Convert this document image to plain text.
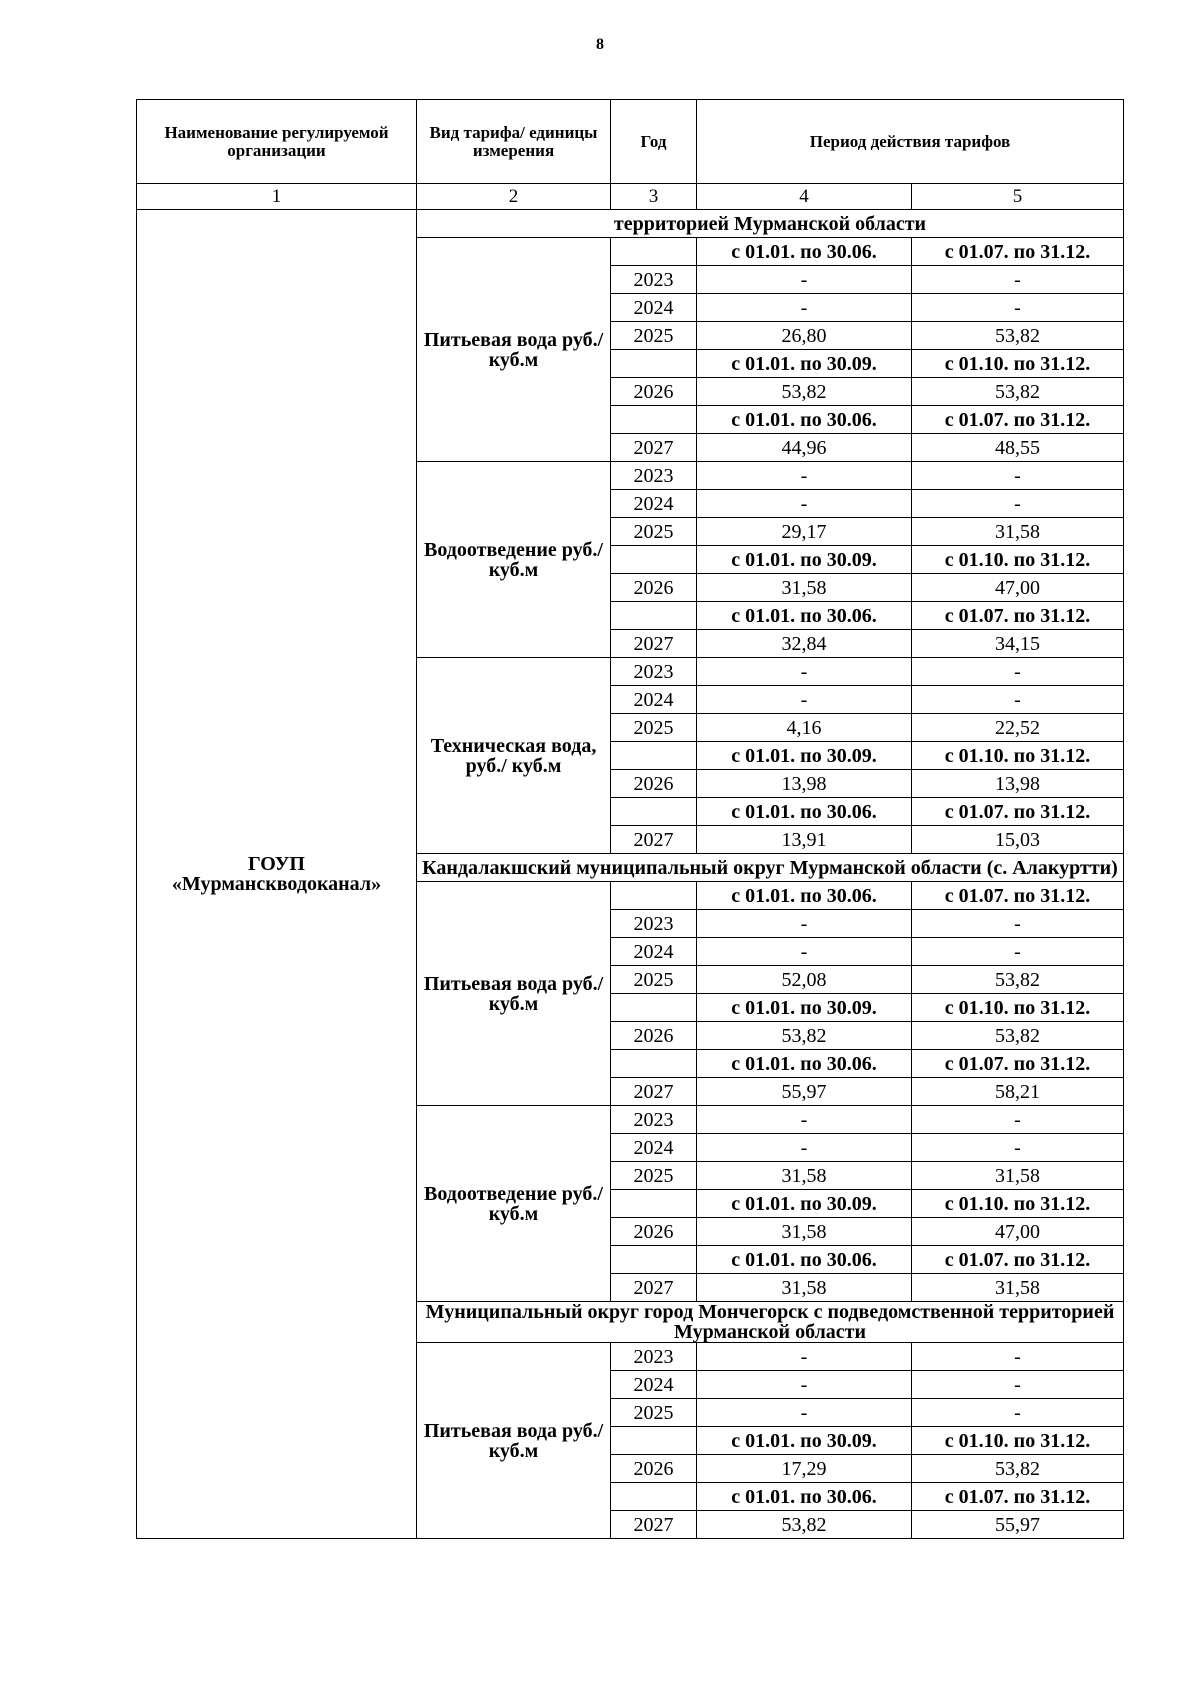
8
Наименование регулируемой организации	Вид тарифа/ единицы измерения	Год	Период действия тарифов	
1	2	3	4	5

ГОУП
«Мурманскводоканал»	территорией Мурманской области			
	Питьевая вода руб./куб.м		с 01.01. по 30.06.	с 01.07. по 31.12.
		2023	-	-
		2024	-	-
		2025	26,80	53,82
			с 01.01. по 30.09.	с 01.10. по 31.12.
		2026	53,82	53,82
			с 01.01. по 30.06.	с 01.07. по 31.12.
		2027	44,96	48,55
	Водоотведение руб./ куб.м	2023	-	-
		2024	-	-
		2025	29,17	31,58
			с 01.01. по 30.09.	с 01.10. по 31.12.
		2026	31,58	47,00
			с 01.01. по 30.06.	с 01.07. по 31.12.
		2027	32,84	34,15
	Техническая вода, руб./ куб.м	2023	-	-
		2024	-	-
		2025	4,16	22,52
			с 01.01. по 30.09.	с 01.10. по 31.12.
		2026	13,98	13,98
			с 01.01. по 30.06.	с 01.07. по 31.12.
		2027	13,91	15,03
	Кандалакшский муниципальный округ Мурманской области (с. Алакуртти)			
	Питьевая вода руб./куб.м		с 01.01. по 30.06.	с 01.07. по 31.12.
		2023	-	-
		2024	-	-
		2025	52,08	53,82
			с 01.01. по 30.09.	с 01.10. по 31.12.
		2026	53,82	53,82
			с 01.01. по 30.06.	с 01.07. по 31.12.
		2027	55,97	58,21
	Водоотведение руб./ куб.м	2023	-	-
		2024	-	-
		2025	31,58	31,58
			с 01.01. по 30.09.	с 01.10. по 31.12.
		2026	31,58	47,00
			с 01.01. по 30.06.	с 01.07. по 31.12.
		2027	31,58	31,58
	Муниципальный округ город Мончегорск с подведомственной территорией Мурманской области			
	Питьевая вода руб./куб.м	2023	-	-
		2024	-	-
		2025	-	-
			с 01.01. по 30.09.	с 01.10. по 31.12.
		2026	17,29	53,82
			с 01.01. по 30.06.	с 01.07. по 31.12.
		2027	53,82	55,97
